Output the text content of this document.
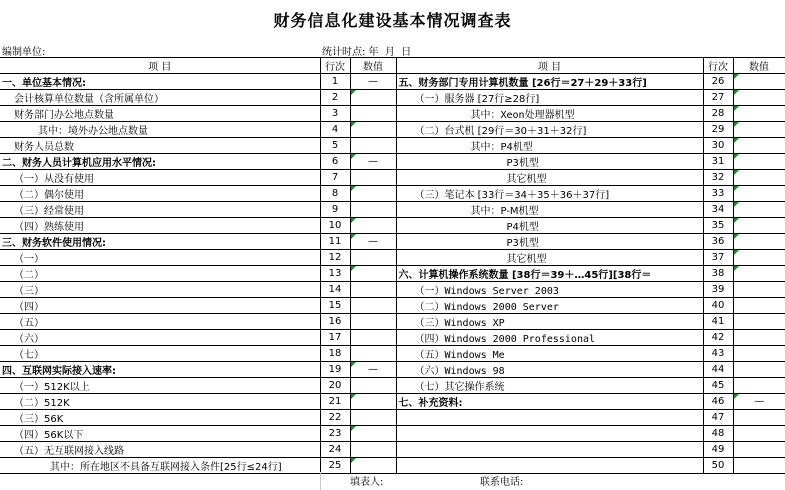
财务信息化建设基本情况调查表
编制单位:	统计时点: 年  月  日
项 目	行次	数值	项 目	行次	数值
一、单位基本情况:	1	—	五、财务部门专用计算机数量 [26行＝27＋29＋33行]	26	
会计核算单位数量（含所属单位）	2		（一）服务器 [27行≥28行]	27	
财务部门办公地点数量	3		其中：Xeon处理器机型	28	
其中：境外办公地点数量	4		（二）台式机 [29行＝30＋31＋32行]	29	
财务人员总数	5		其中：P4机型	30	
二、财务人员计算机应用水平情况:	6	—	P3机型	31	
（一）从没有使用	7		其它机型	32	
（二）偶尔使用	8		（三）笔记本 [33行＝34＋35＋36＋37行]	33	
（三）经常使用	9		其中：P-M机型	34	
（四）熟练使用	10		P4机型	35	
三、财务软件使用情况:	11	—	P3机型	36	
（一）	12		其它机型	37	
（二）	13		六、计算机操作系统数量 [38行＝39＋…45行][38行＝	38	
（三）	14		（一）Windows Server 2003	39	
（四）	15		（二）Windows 2000 Server	40	
（五）	16		（三）Windows XP	41	
（六）	17		（四）Windows 2000 Professional	42	
（七）	18		（五）Windows Me	43	
四、互联网实际接入速率:	19	—	（六）Windows 98	44	
（一）512K以上	20		（七）其它操作系统	45	
（二）512K	21		七、补充资料:	46	—
（三）56K	22			47	
（四）56K以下	23			48	
（五）无互联网接入线路	24			49	
其中：所在地区不具备互联网接入条件[25行≤24行]	25			50	
填表人:	联系电话:
